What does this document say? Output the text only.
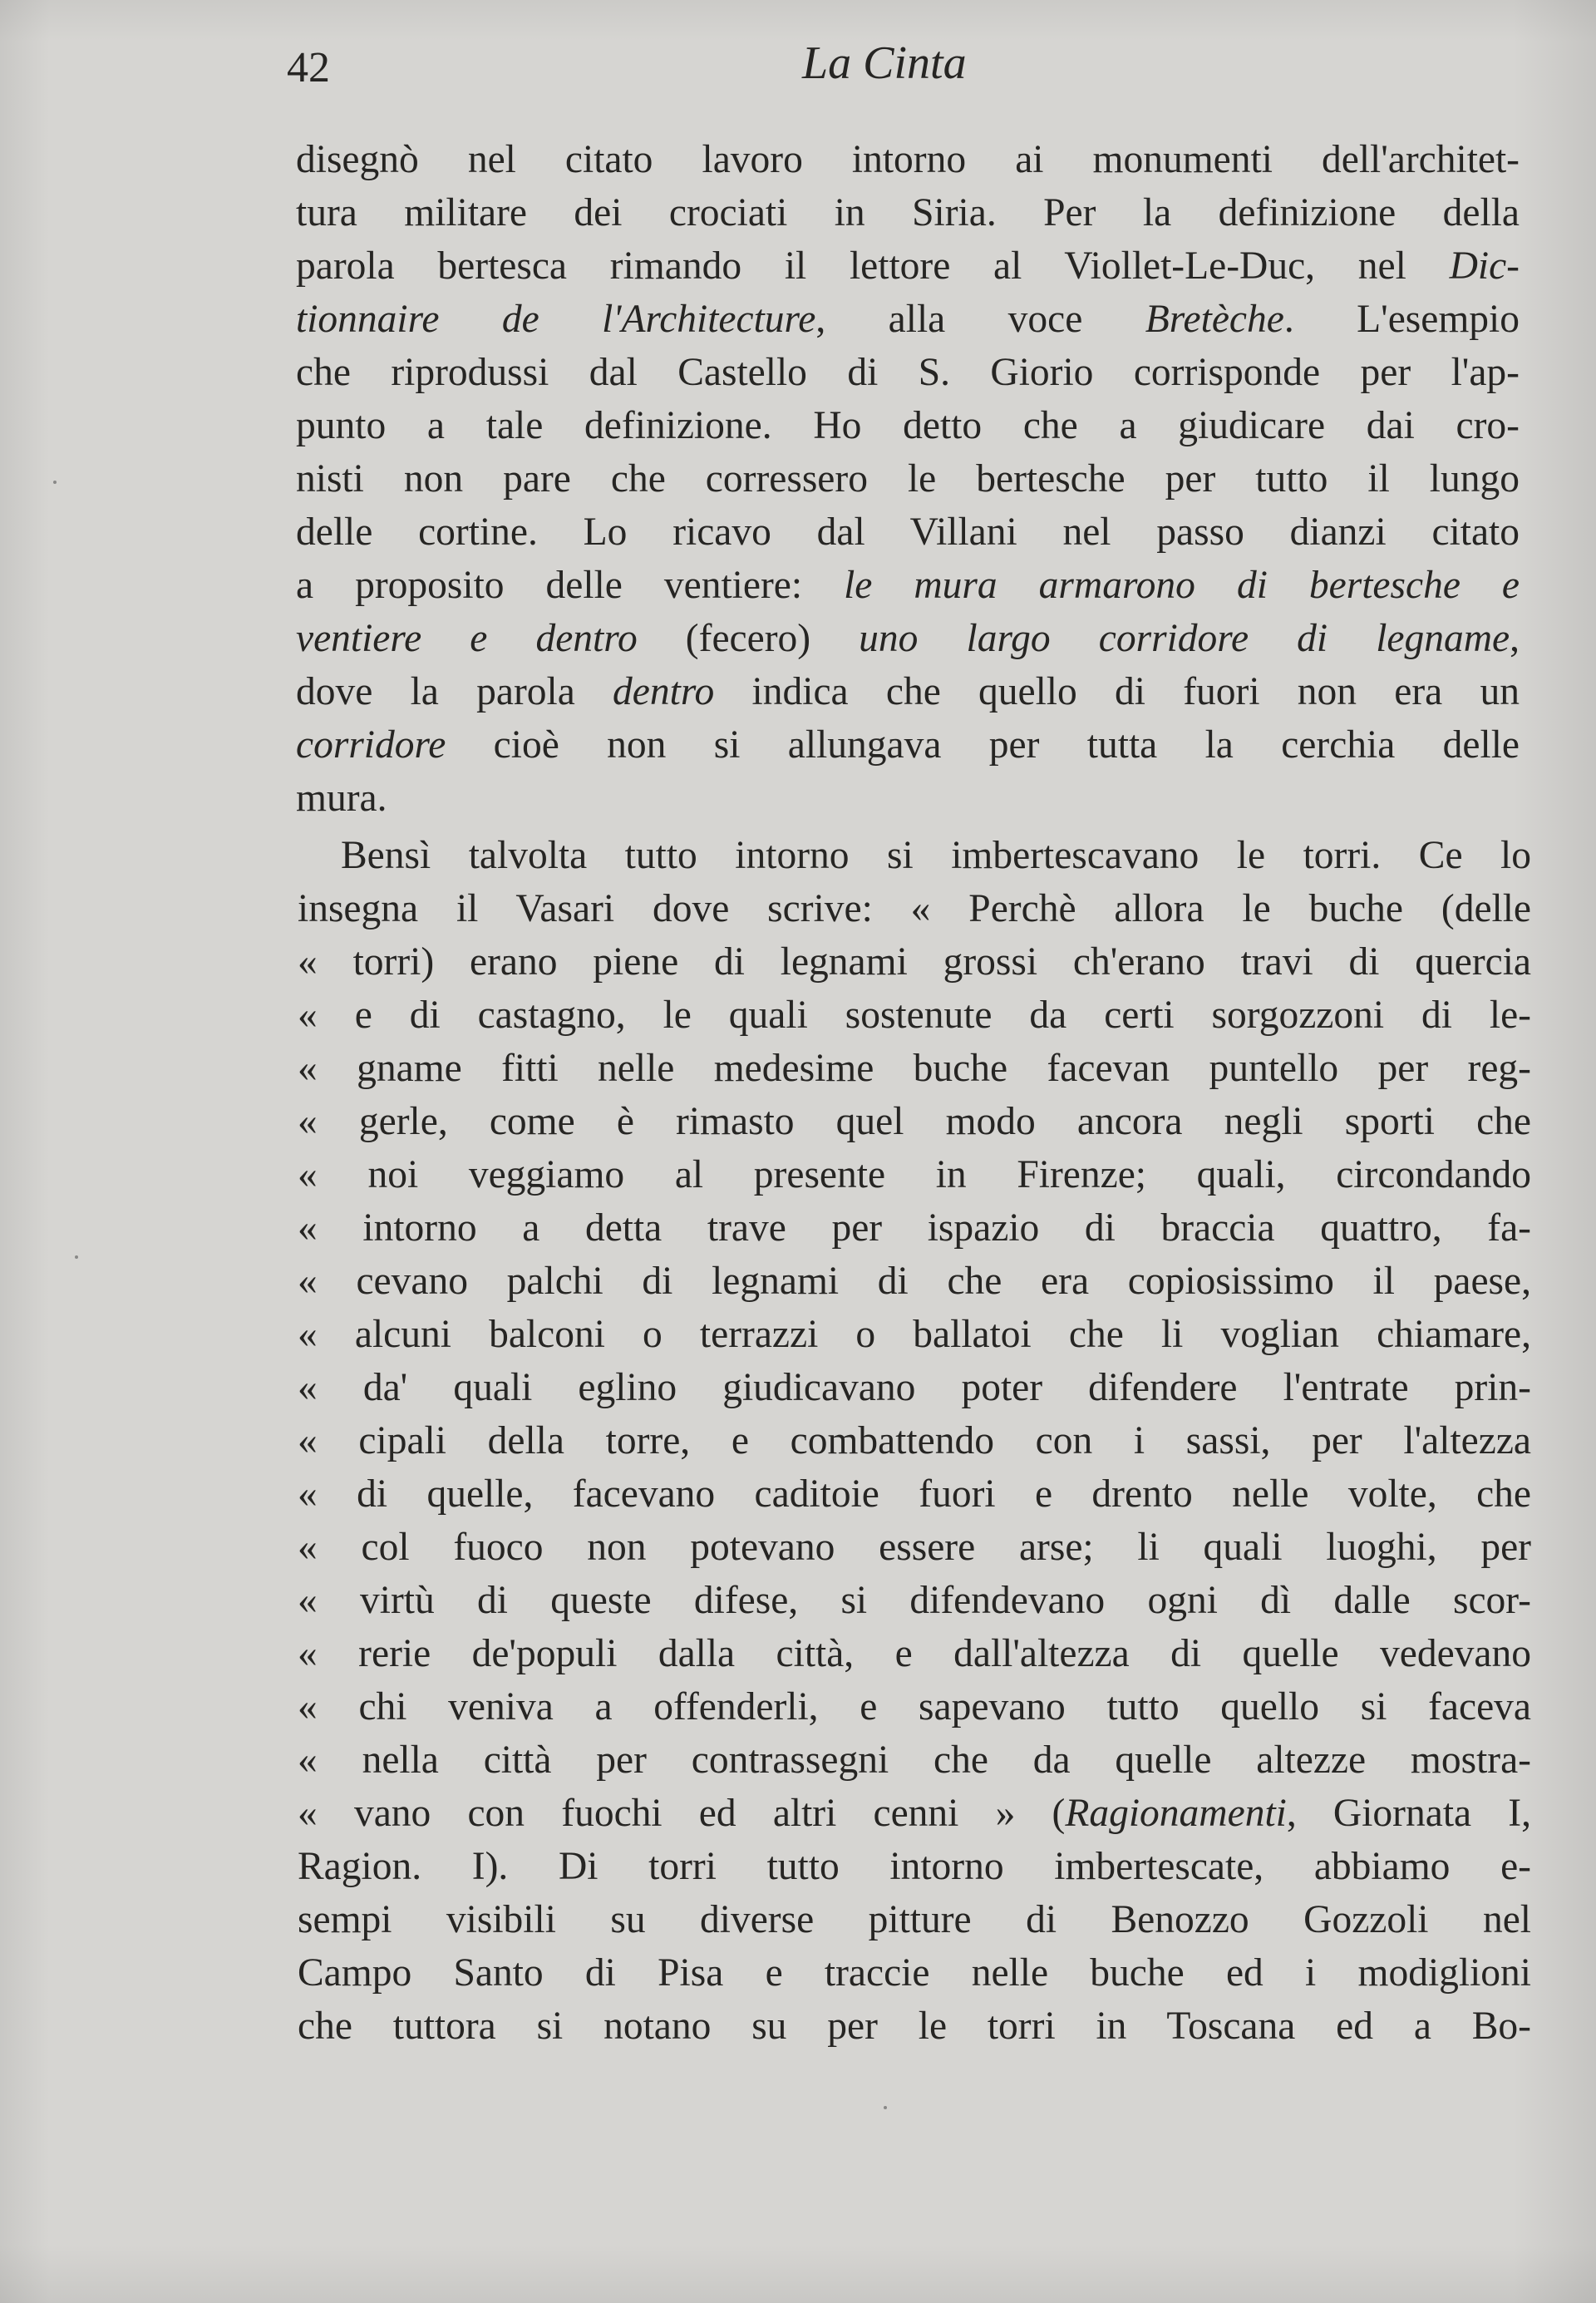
42	La Cinta
disegnò nel citato lavoro intorno ai monumenti dell'architet-
tura militare dei crociati in Siria. Per la definizione della
parola bertesca rimando il lettore al Viollet-Le-Duc, nel Dic-
tionnaire de l'Architecture, alla voce Bretèche. L'esempio
che riprodussi dal Castello di S. Giorio corrisponde per l'ap-
punto a tale definizione. Ho detto che a giudicare dai cro-
nisti non pare che corressero le bertesche per tutto il lungo
delle cortine. Lo ricavo dal Villani nel passo dianzi citato
a proposito delle ventiere: le mura armarono di bertesche e
ventiere e dentro (fecero) uno largo corridore di legname,
dove la parola dentro indica che quello di fuori non era un
corridore cioè non si allungava per tutta la cerchia delle
mura.
Bensì talvolta tutto intorno si imbertescavano le torri. Ce lo
insegna il Vasari dove scrive: « Perchè allora le buche (delle
« torri) erano piene di legnami grossi ch'erano travi di quercia
« e di castagno, le quali sostenute da certi sorgozzoni di le-
« gname fitti nelle medesime buche facevan puntello per reg-
« gerle, come è rimasto quel modo ancora negli sporti che
« noi veggiamo al presente in Firenze; quali, circondando
« intorno a detta trave per ispazio di braccia quattro, fa-
« cevano palchi di legnami di che era copiosissimo il paese,
« alcuni balconi o terrazzi o ballatoi che li voglian chiamare,
« da' quali eglino giudicavano poter difendere l'entrate prin-
« cipali della torre, e combattendo con i sassi, per l'altezza
« di quelle, facevano caditoie fuori e drento nelle volte, che
« col fuoco non potevano essere arse; li quali luoghi, per
« virtù di queste difese, si difendevano ogni dì dalle scor-
« rerie de'populi dalla città, e dall'altezza di quelle vedevano
« chi veniva a offenderli, e sapevano tutto quello si faceva
« nella città per contrassegni che da quelle altezze mostra-
« vano con fuochi ed altri cenni » (Ragionamenti, Giornata I,
Ragion. I). Di torri tutto intorno imbertescate, abbiamo e-
sempi visibili su diverse pitture di Benozzo Gozzoli nel
Campo Santo di Pisa e traccie nelle buche ed i modiglioni
che tuttora si notano su per le torri in Toscana ed a Bo-
